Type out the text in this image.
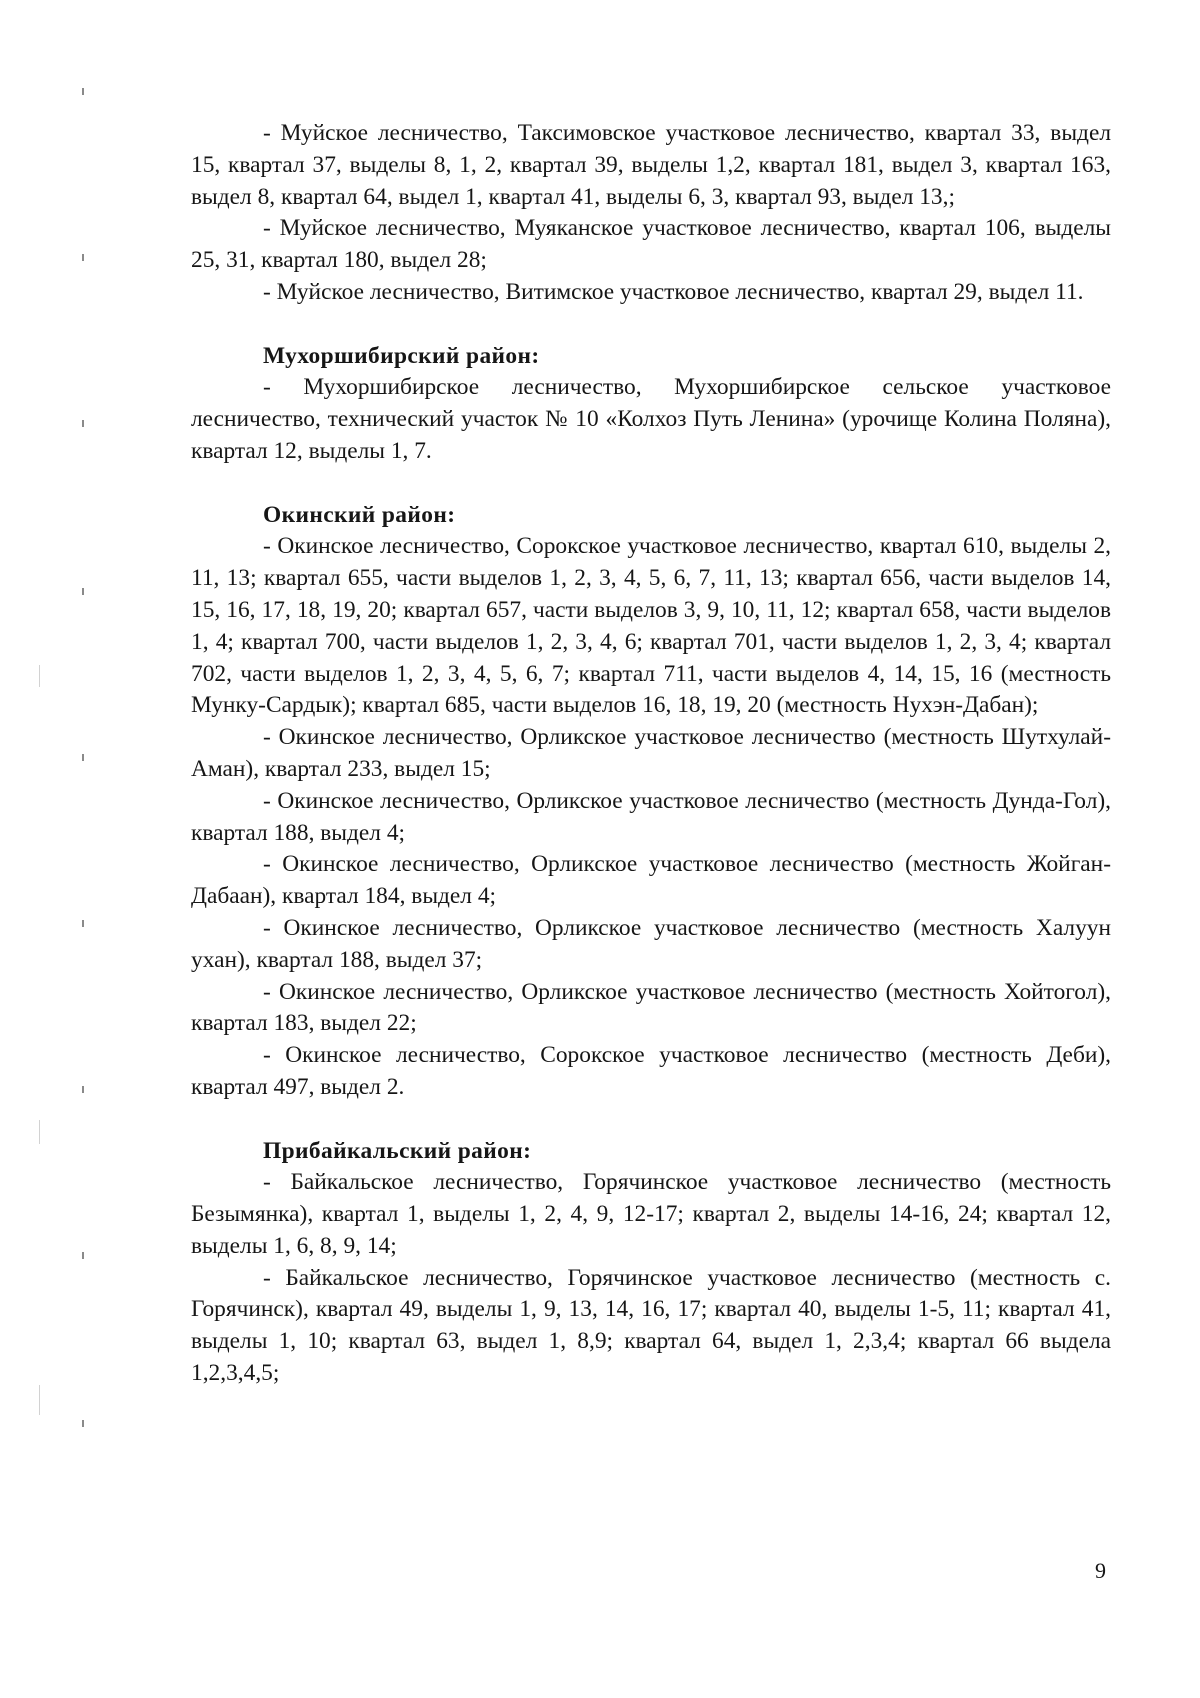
- Муйское лесничество, Таксимовское участковое лесничество, квартал 33, выдел 15, квартал 37, выделы 8, 1, 2, квартал 39, выделы 1,2, квартал 181, выдел 3, квартал 163, выдел 8, квартал 64, выдел 1, квартал 41, выделы 6, 3, квартал 93, выдел 13,;

- Муйское лесничество, Муяканское участковое лесничество, квартал 106, выделы 25, 31, квартал 180, выдел 28;

- Муйское лесничество, Витимское участковое лесничество, квартал 29, выдел 11.

Мухоршибирский район:

- Мухоршибирское лесничество, Мухоршибирское сельское участковое лесничество, технический участок № 10 «Колхоз Путь Ленина» (урочище Колина Поляна), квартал 12, выделы 1, 7.

Окинский район:

- Окинское лесничество, Сорокское участковое лесничество, квартал 610, выделы 2, 11, 13; квартал 655, части выделов 1, 2, 3, 4, 5, 6, 7, 11, 13; квартал 656, части выделов 14, 15, 16, 17, 18, 19, 20; квартал 657, части выделов 3, 9, 10, 11, 12; квартал 658, части выделов 1, 4; квартал 700, части выделов 1, 2, 3, 4, 6; квартал 701, части выделов 1, 2, 3, 4; квартал 702, части выделов 1, 2, 3, 4, 5, 6, 7; квартал 711, части выделов 4, 14, 15, 16 (местность Мунку-Сардык); квартал 685, части выделов 16, 18, 19, 20 (местность Нухэн-Дабан);

- Окинское лесничество, Орликское участковое лесничество (местность Шутхулай-Аман), квартал 233, выдел 15;

- Окинское лесничество, Орликское участковое лесничество (местность Дунда-Гол), квартал 188, выдел 4;

- Окинское лесничество, Орликское участковое лесничество (местность Жойган-Дабаан), квартал 184, выдел 4;

- Окинское лесничество, Орликское участковое лесничество (местность Халуун ухан), квартал 188, выдел 37;

- Окинское лесничество, Орликское участковое лесничество (местность Хойтогол), квартал 183, выдел 22;

- Окинское лесничество, Сорокское участковое лесничество (местность Деби), квартал 497, выдел 2.

Прибайкальский район:

- Байкальское лесничество, Горячинское участковое лесничество (местность Безымянка), квартал 1, выделы 1, 2, 4, 9, 12-17; квартал 2, выделы 14-16, 24; квартал 12, выделы 1, 6, 8, 9, 14;

- Байкальское лесничество, Горячинское участковое лесничество (местность с. Горячинск), квартал 49, выделы 1, 9, 13, 14, 16, 17; квартал 40, выделы 1-5, 11; квартал 41, выделы 1, 10; квартал 63, выдел 1, 8,9; квартал 64, выдел 1, 2,3,4; квартал 66 выдела 1,2,3,4,5;

9
